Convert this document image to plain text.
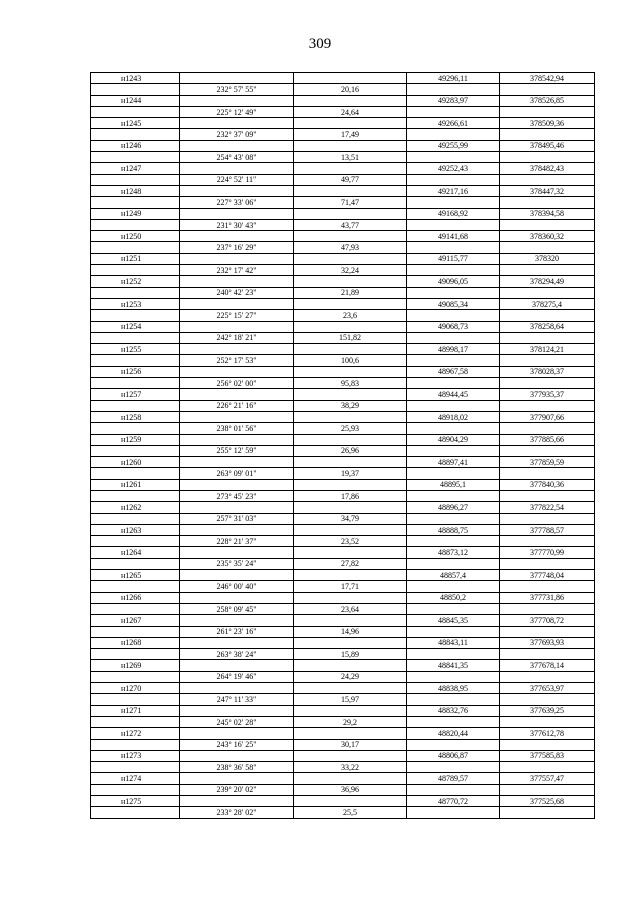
309
н1243			49296,11	378542,94
	232° 57' 55"	20,16		
н1244			49283,97	378526,85
	225° 12' 49"	24,64		
н1245			49266,61	378509,36
	232° 37' 09"	17,49		
н1246			49255,99	378495,46
	254° 43' 08"	13,51		
н1247			49252,43	378482,43
	224° 52' 11"	49,77		
н1248			49217,16	378447,32
	227° 33' 06"	71,47		
н1249			49168,92	378394,58
	231° 30' 43"	43,77		
н1250			49141,68	378360,32
	237° 16' 29"	47,93		
н1251			49115,77	378320
	232° 17' 42"	32,24		
н1252			49096,05	378294,49
	240° 42' 23"	21,89		
н1253			49085,34	378275,4
	225° 15' 27"	23,6		
н1254			49068,73	378258,64
	242° 18' 21"	151,82		
н1255			48998,17	378124,21
	252° 17' 53"	100,6		
н1256			48967,58	378028,37
	256° 02' 00"	95,83		
н1257			48944,45	377935,37
	226° 21' 16"	38,29		
н1258			48918,02	377907,66
	238° 01' 56"	25,93		
н1259			48904,29	377885,66
	255° 12' 59"	26,96		
н1260			48897,41	377859,59
	263° 09' 01"	19,37		
н1261			48895,1	377840,36
	273° 45' 23"	17,86		
н1262			48896,27	377822,54
	257° 31' 03"	34,79		
н1263			48888,75	377788,57
	228° 21' 37"	23,52		
н1264			48873,12	377770,99
	235° 35' 24"	27,82		
н1265			48857,4	377748,04
	246° 00' 40"	17,71		
н1266			48850,2	377731,86
	258° 09' 45"	23,64		
н1267			48845,35	377708,72
	261° 23' 16"	14,96		
н1268			48843,11	377693,93
	263° 38' 24"	15,89		
н1269			48841,35	377678,14
	264° 19' 46"	24,29		
н1270			48838,95	377653,97
	247° 11' 33"	15,97		
н1271			48832,76	377639,25
	245° 02' 28"	29,2		
н1272			48820,44	377612,78
	243° 16' 25"	30,17		
н1273			48806,87	377585,83
	238° 36' 58"	33,22		
н1274			48789,57	377557,47
	239° 20' 02"	36,96		
н1275			48770,72	377525,68
	233° 28' 02"	25,5		
